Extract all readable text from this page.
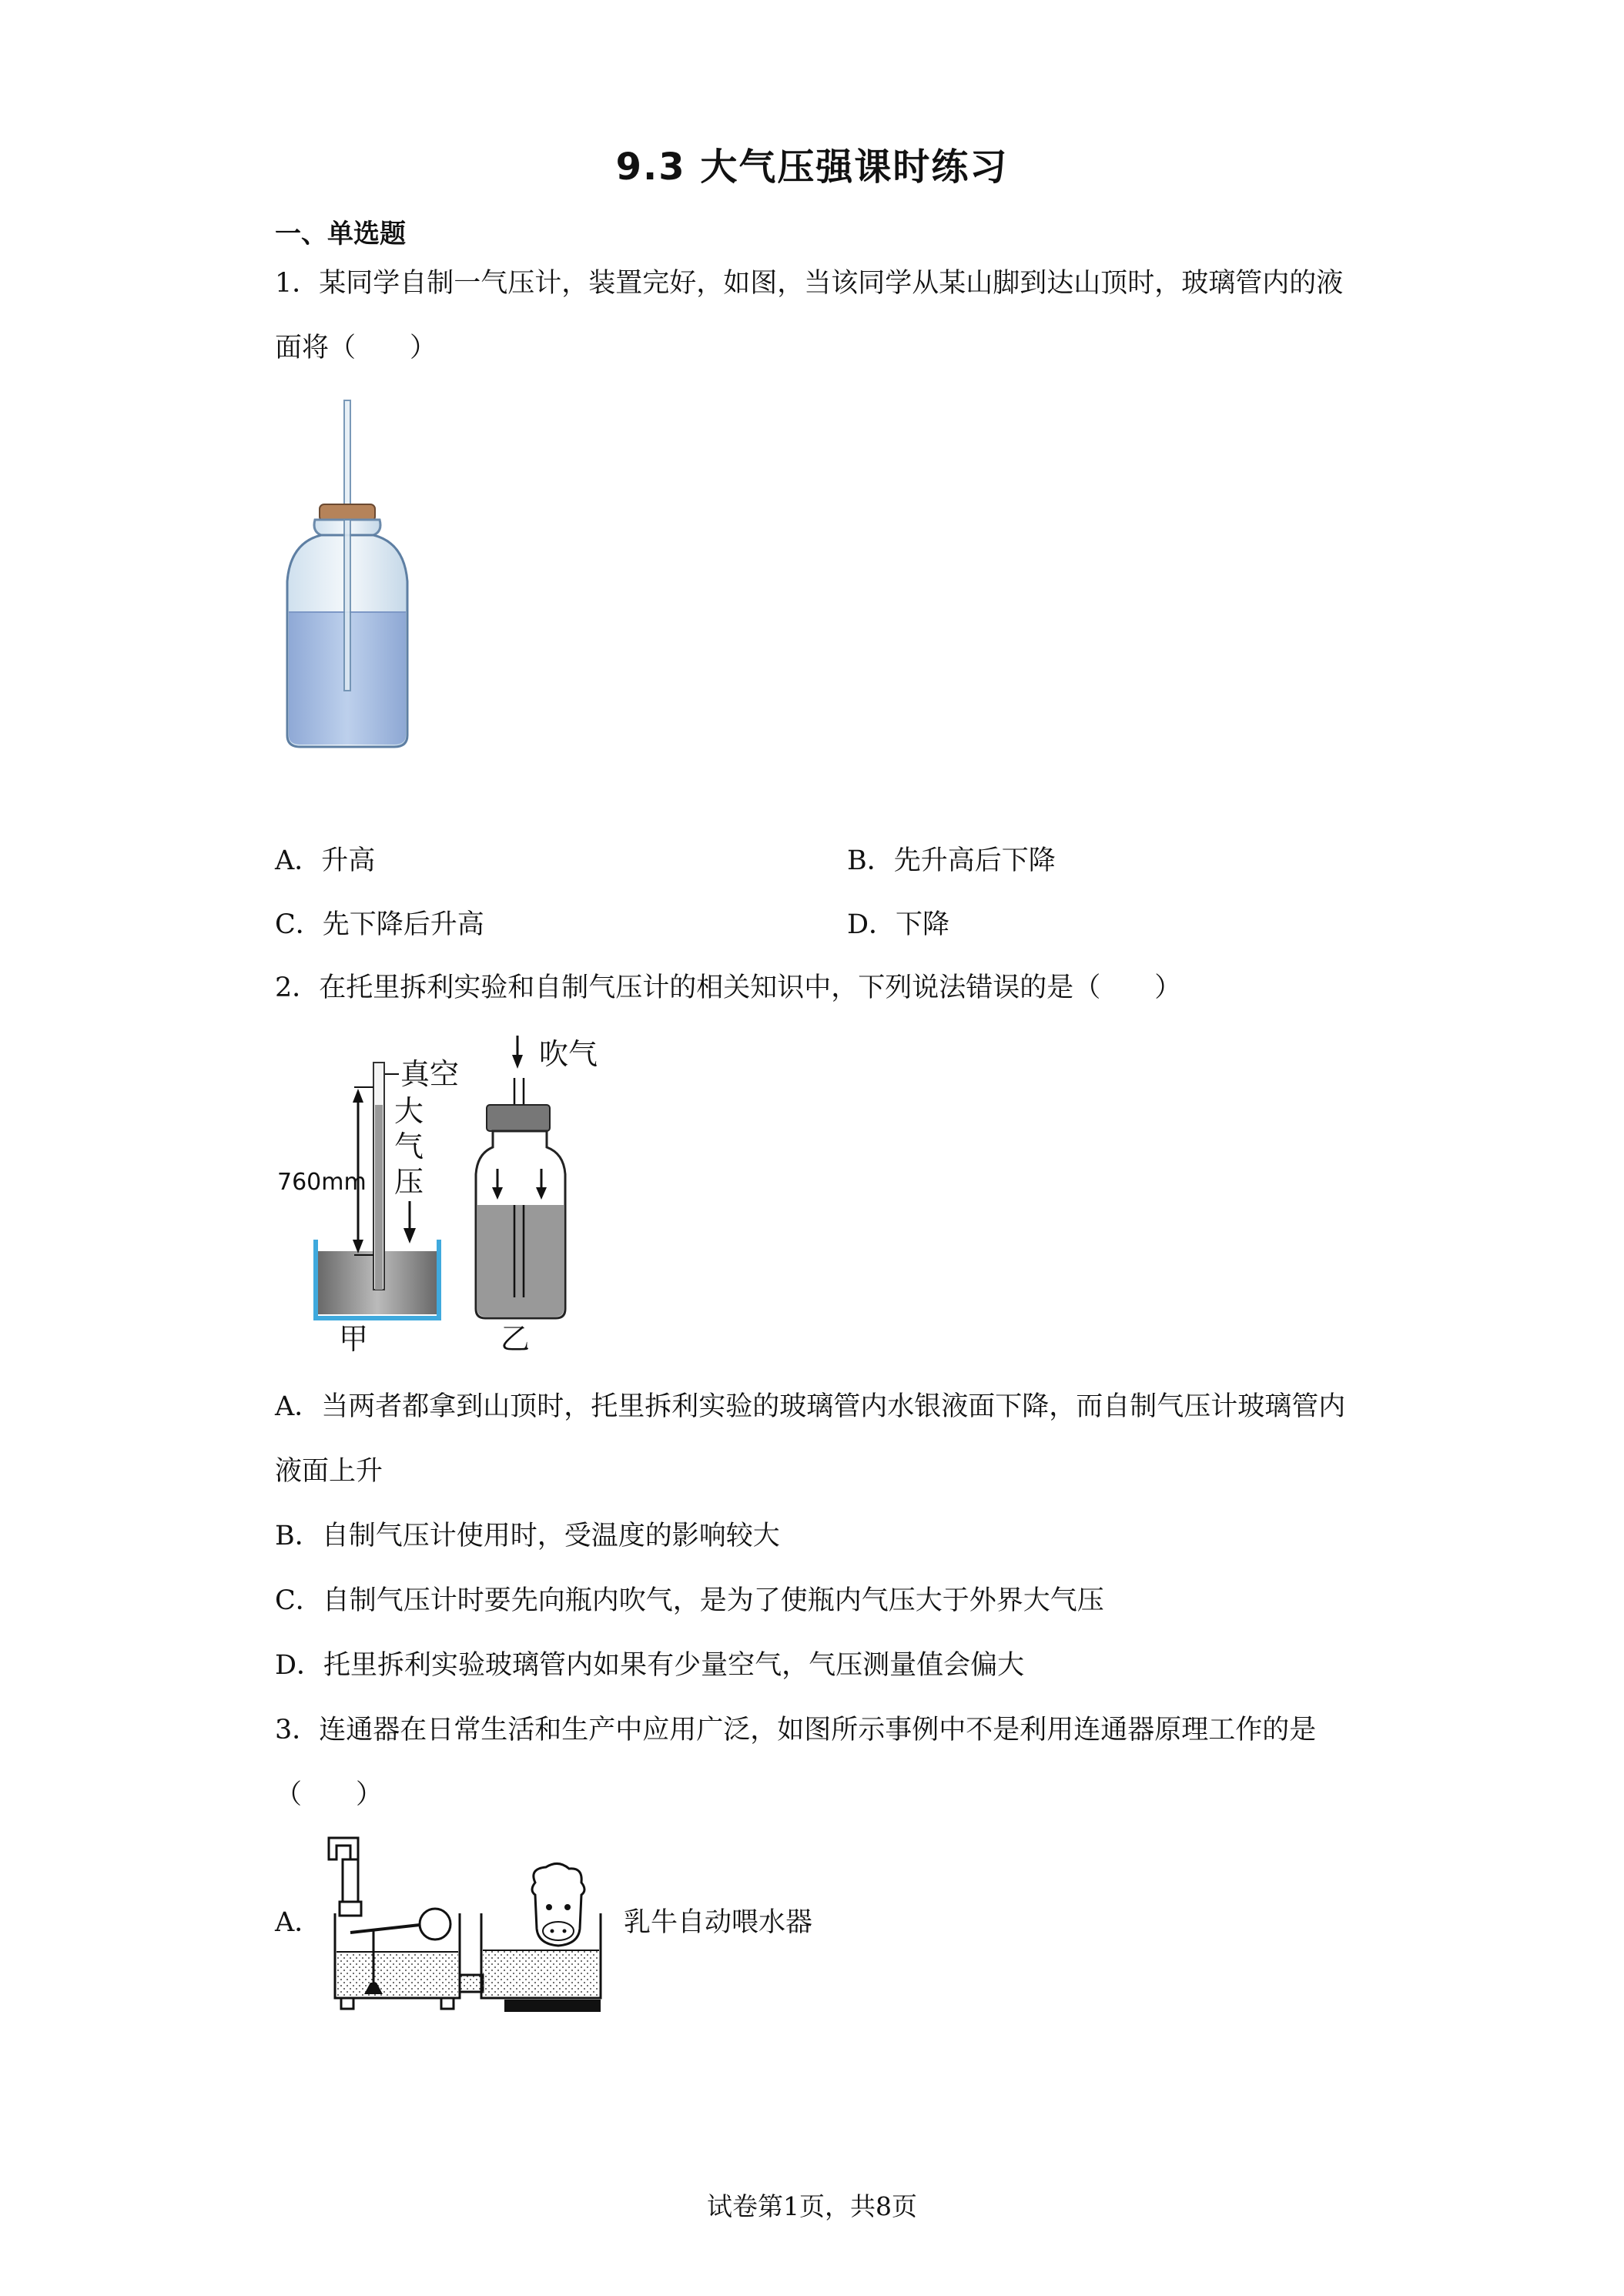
9.3 大气压强课时练习
一、单选题
1．某同学自制一气压计，装置完好，如图，当该同学从某山脚到达山顶时，玻璃管内的液面将（　　）
A．升高	B．先升高后下降
C．先下降后升高	D．下降
2．在托里拆利实验和自制气压计的相关知识中，下列说法错误的是（　　）
760mm
真空
大
气
压
甲
吹气
乙
A．当两者都拿到山顶时，托里拆利实验的玻璃管内水银液面下降，而自制气压计玻璃管内液面上升
B．自制气压计使用时，受温度的影响较大
C．自制气压计时要先向瓶内吹气，是为了使瓶内气压大于外界大气压
D．托里拆利实验玻璃管内如果有少量空气，气压测量值会偏大
3．连通器在日常生活和生产中应用广泛，如图所示事例中不是利用连通器原理工作的是（　　）
A．	乳牛自动喂水器
试卷第1页，共8页
